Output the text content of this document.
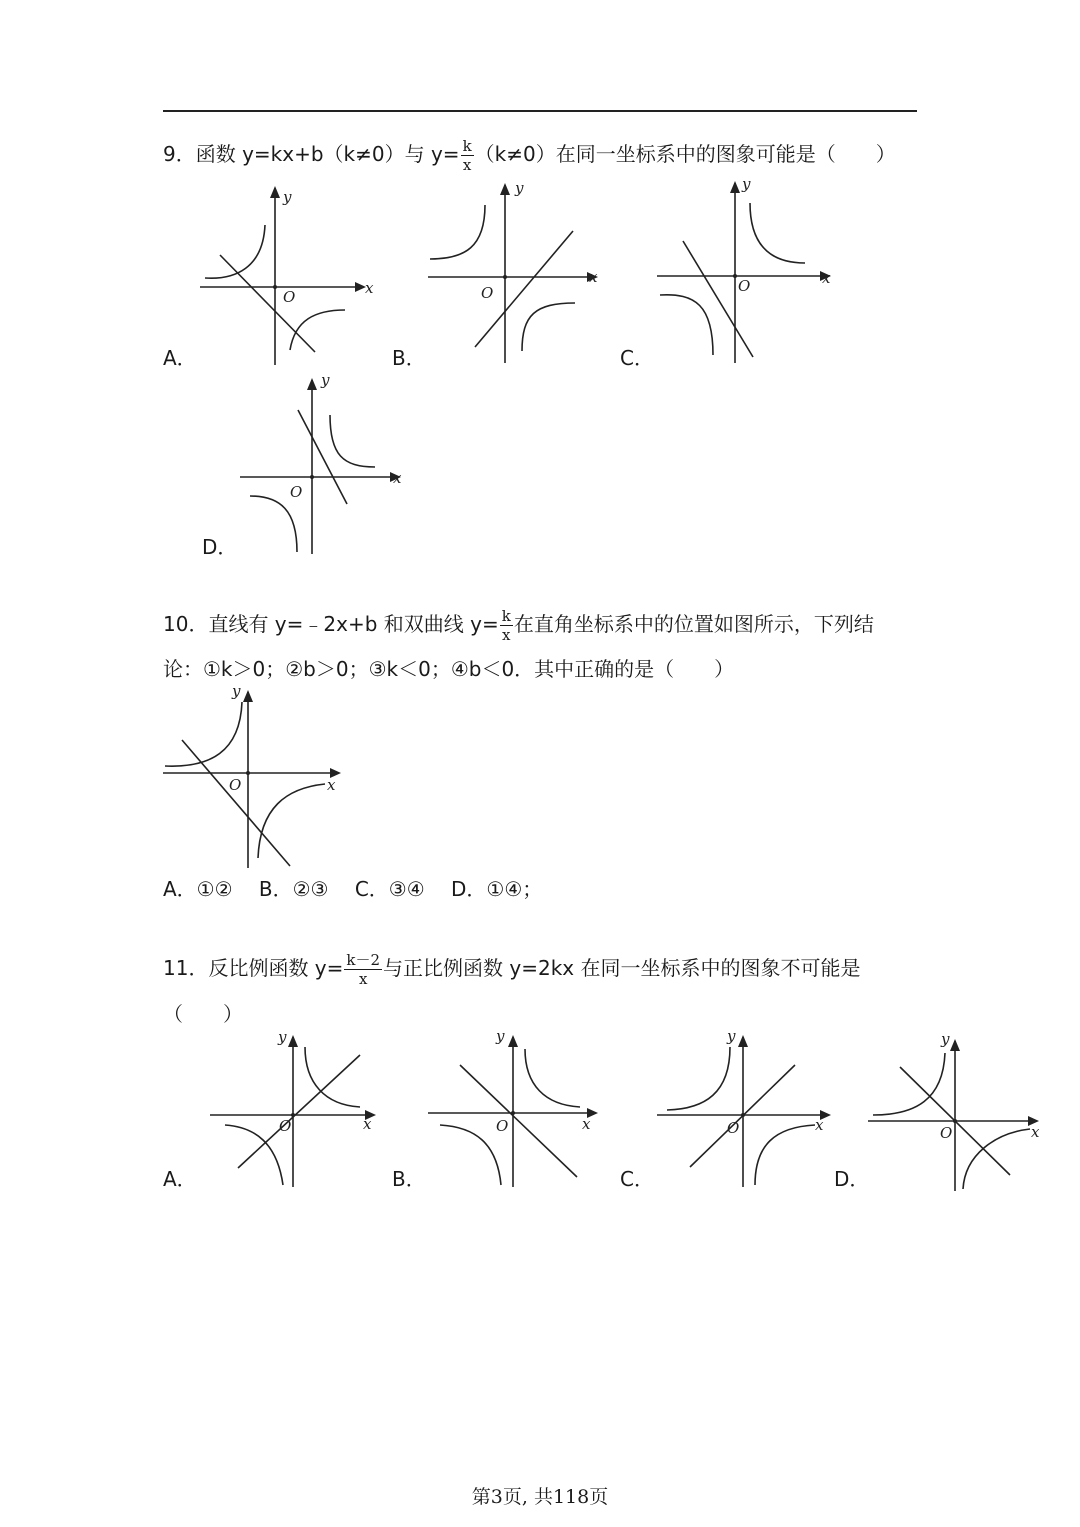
9．函数 y=kx+b（k≠0）与 $y= \frac{k}{x} (k\ne 0)$在同一坐标系中的图象可能是（　　）
A．	B．	C．
D．
x
y
O
x
y
O
x
y
O
x
y
O
10．直线有 y=﹣2x+b 和双曲线 $y= \frac{k}{x}$ 在直角坐标系中的位置如图所示，下列结
论：①k＞0；②b＞0；③k＜0；④b＜0．其中正确的是（　　）
x
y
O
A．①②　 B．②③　 C．③④　 D．①④；
11．反比例函数 $y= \frac{k-2}{x}$ 与正比例函数 y=2kx 在同一坐标系中的图象不可能是
（　　）
A．	B．	C．	D．
x
y
O	x
y
O	x
y
O	x
y
O
第3页, 共118页
